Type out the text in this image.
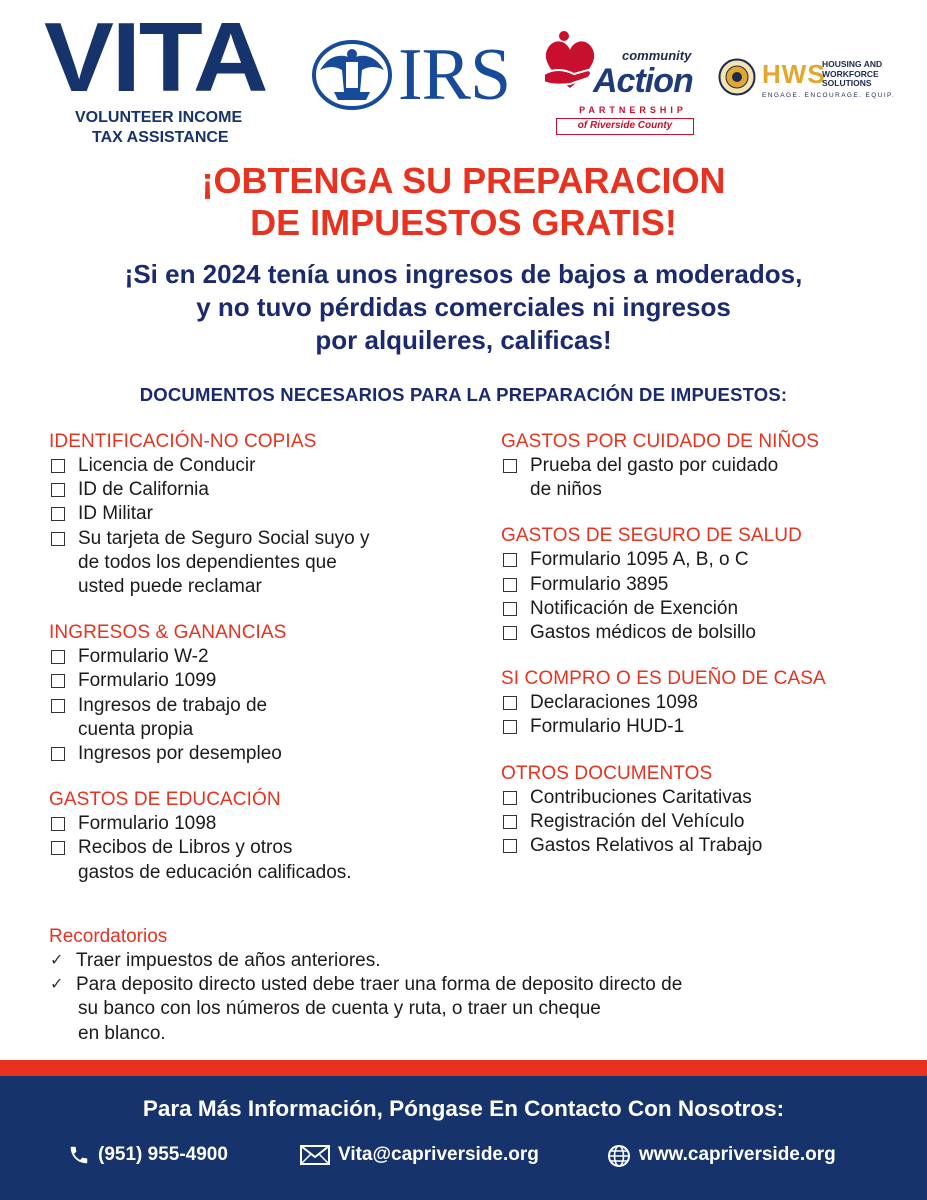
VITA
VOLUNTEER INCOME
TAX ASSISTANCE
IRS	community
Action
PARTNERSHIP
of Riverside County
HWS
HOUSING AND
WORKFORCE
SOLUTIONS
ENGAGE. ENCOURAGE. EQUIP.
¡OBTENGA SU PREPARACION
DE IMPUESTOS GRATIS!
¡Si en 2024 tenía unos ingresos de bajos a moderados,
y no tuvo pérdidas comerciales ni ingresos
por alquileres, calificas!
DOCUMENTOS NECESARIOS PARA LA PREPARACIÓN DE IMPUESTOS:
IDENTIFICACIÓN-NO COPIAS
Licencia de Conducir
ID de California
ID Militar
Su tarjeta de Seguro Social suyo y
de todos los dependientes que
usted puede reclamar
INGRESOS & GANANCIAS
Formulario W-2
Formulario 1099
Ingresos de trabajo de
cuenta propia
Ingresos por desempleo
GASTOS DE EDUCACIÓN
Formulario 1098
Recibos de Libros y otros
gastos de educación calificados.
GASTOS POR CUIDADO DE NIÑOS
Prueba del gasto por cuidado
de niños
GASTOS DE SEGURO DE SALUD
Formulario 1095 A, B, o C
Formulario 3895
Notificación de Exención
Gastos médicos de bolsillo
SI COMPRO O ES DUEÑO DE CASA
Declaraciones 1098
Formulario HUD-1
OTROS DOCUMENTOS
Contribuciones Caritativas
Registración del Vehículo
Gastos Relativos al Trabajo
Recordatorios
✓ Traer impuestos de años anteriores.
✓ Para deposito directo usted debe traer una forma de deposito directo de
su banco con los números de cuenta y ruta, o traer un cheque
en blanco.
Para Más Información, Póngase En Contacto Con Nosotros:
(951) 955-4900	Vita@capriverside.org	www.capriverside.org
